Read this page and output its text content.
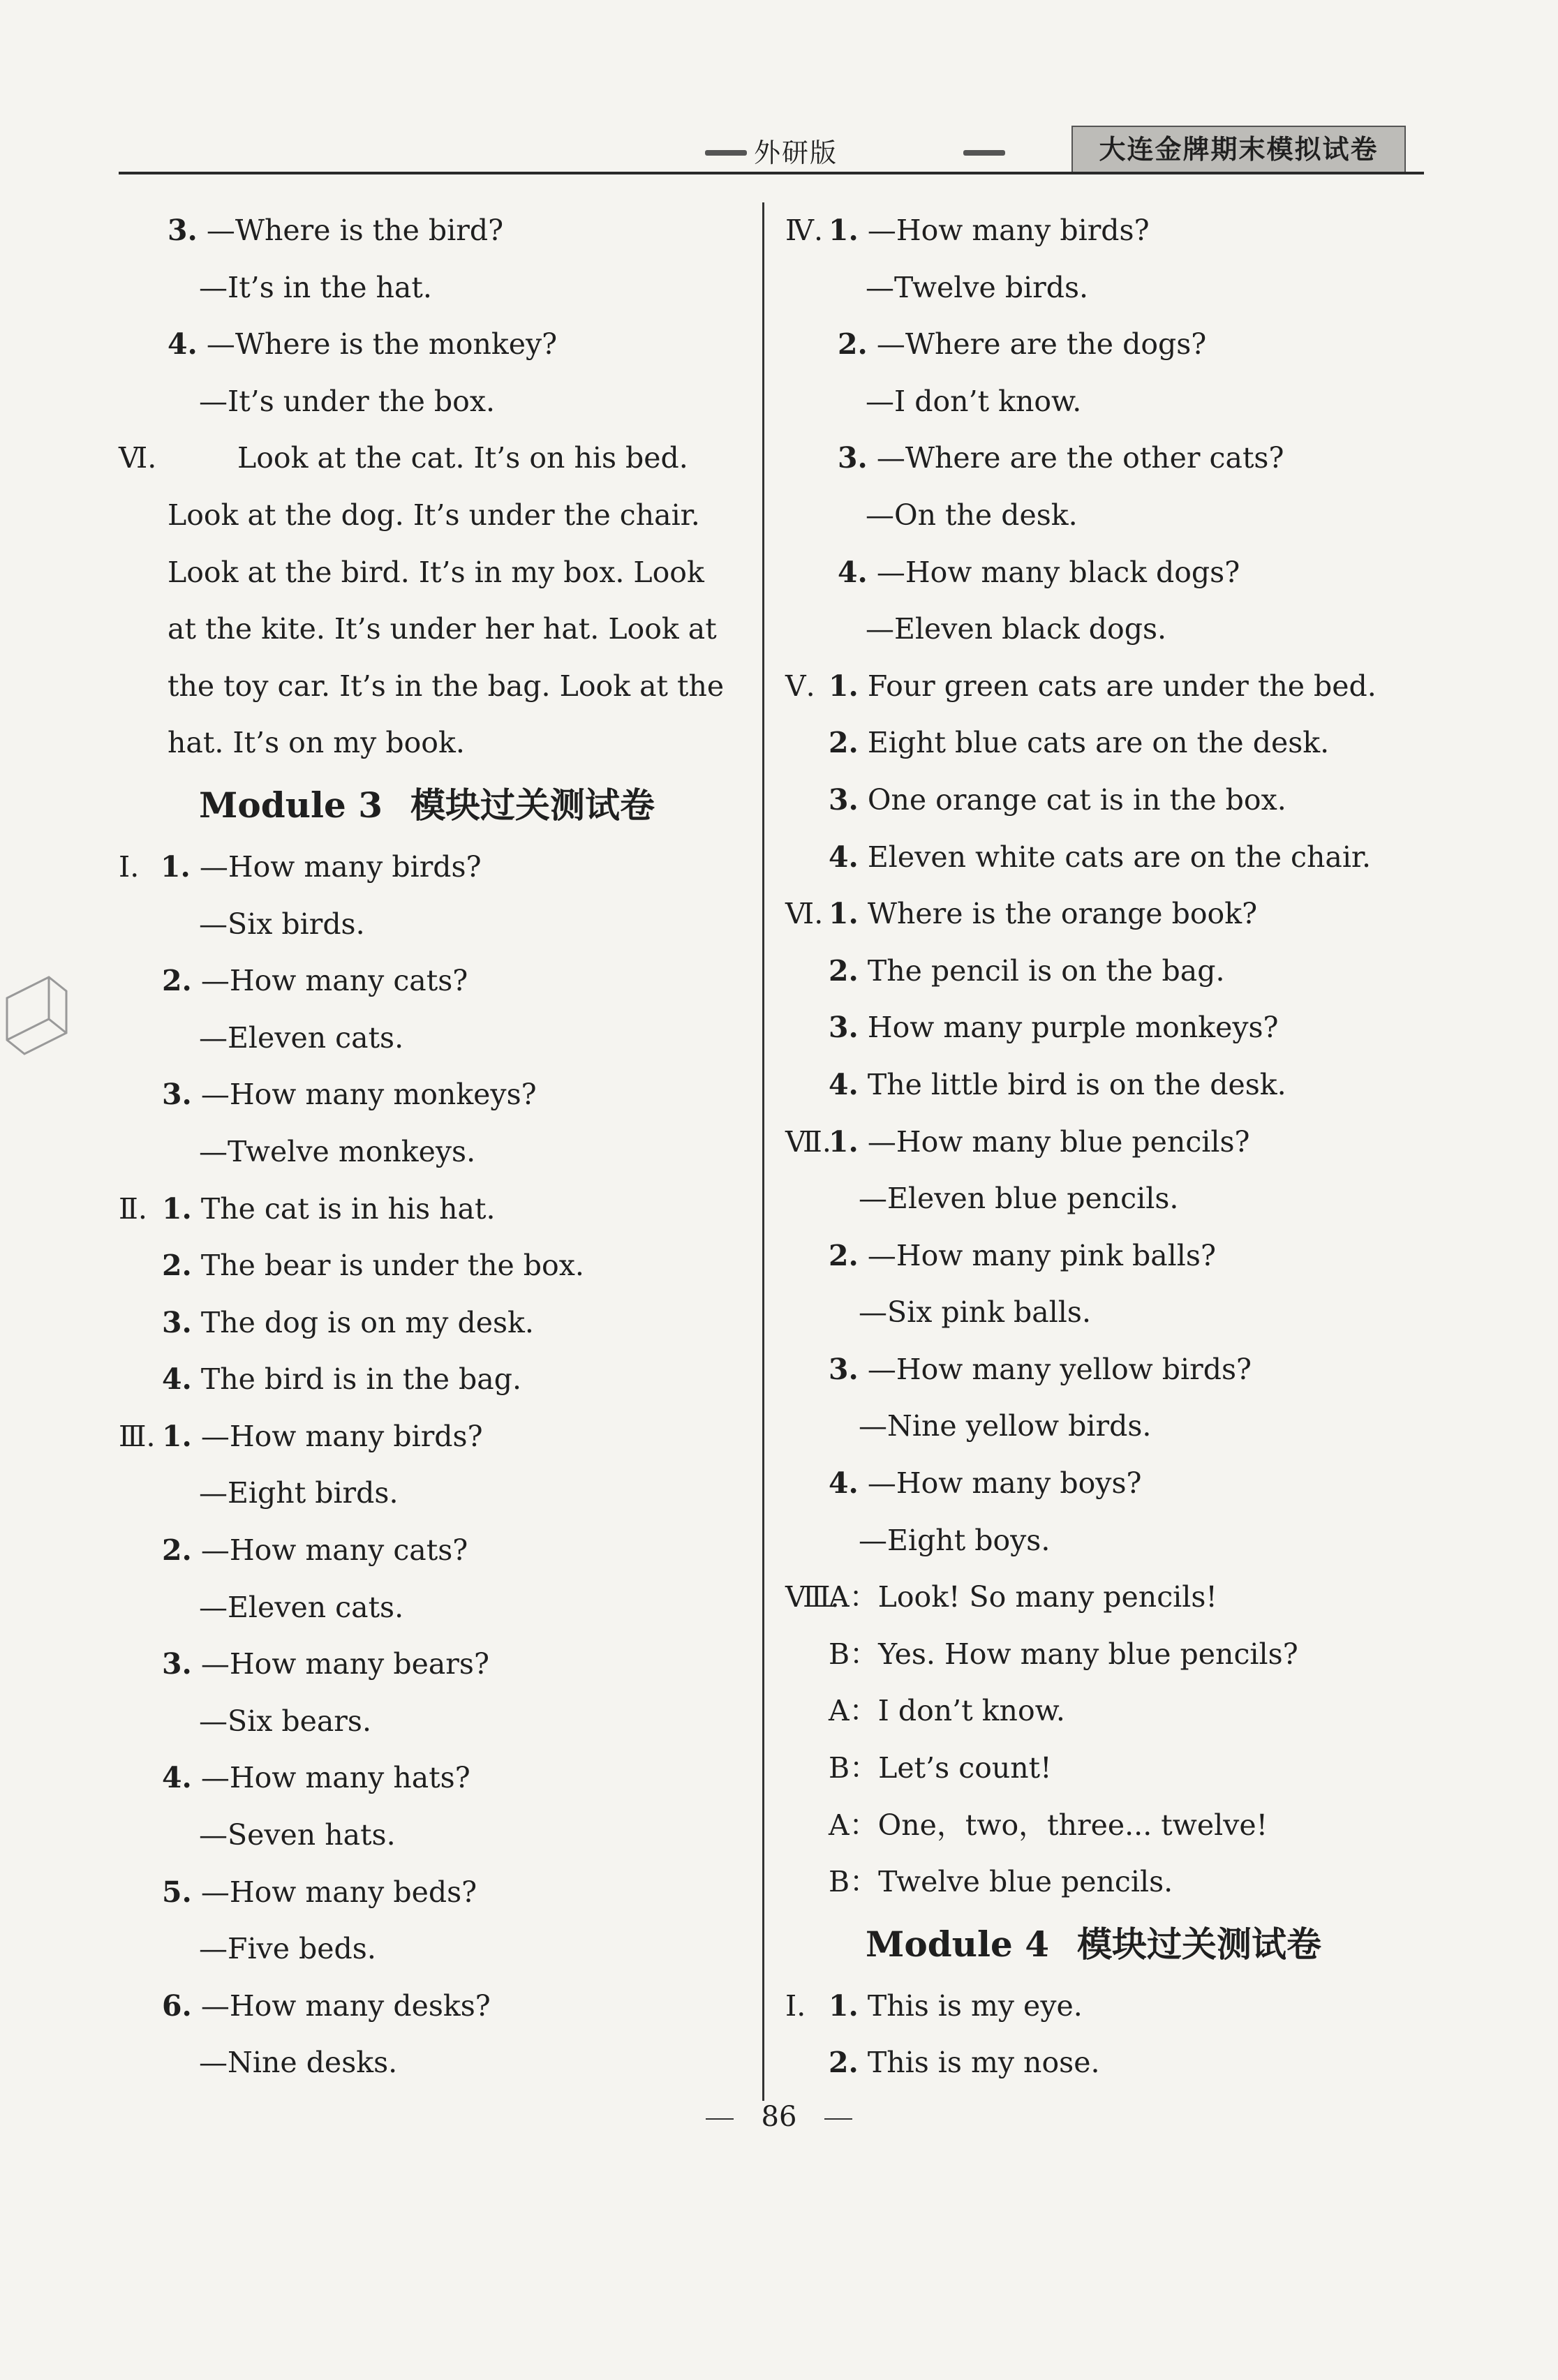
外研版	大连金牌期末模拟试卷
3. —Where is the bird?
—It’s in the hat.
4. —Where is the monkey?
—It’s under the box.
Ⅵ.	Look at the cat. It’s on his bed.
Look at the dog. It’s under the chair.
Look at the bird. It’s in my box. Look
at the kite. It’s under her hat. Look at
the toy car. It’s in the bag. Look at the
hat. It’s on my book.
Module 3 模块过关测试卷
Ⅰ. 1. —How many birds?
—Six birds.
2. —How many cats?
—Eleven cats.
3. —How many monkeys?
—Twelve monkeys.
Ⅱ. 1. The cat is in his hat.
2. The bear is under the box.
3. The dog is on my desk.
4. The bird is in the bag.
Ⅲ. 1. —How many birds?
—Eight birds.
2. —How many cats?
—Eleven cats.
3. —How many bears?
—Six bears.
4. —How many hats?
—Seven hats.
5. —How many beds?
—Five beds.
6. —How many desks?
—Nine desks.
Ⅳ. 1. —How many birds?
—Twelve birds.
2. —Where are the dogs?
—I don’t know.
3. —Where are the other cats?
—On the desk.
4. —How many black dogs?
—Eleven black dogs.
Ⅴ. 1. Four green cats are under the bed.
2. Eight blue cats are on the desk.
3. One orange cat is in the box.
4. Eleven white cats are on the chair.
Ⅵ. 1. Where is the orange book?
2. The pencil is on the bag.
3. How many purple monkeys?
4. The little bird is on the desk.
Ⅶ.1. —How many blue pencils?
—Eleven blue pencils.
2. —How many pink balls?
—Six pink balls.
3. —How many yellow birds?
—Nine yellow birds.
4. —How many boys?
—Eight boys.
Ⅷ.A：Look! So many pencils!
B：Yes. How many blue pencils?
A：I don’t know.
B：Let’s count!
A：One，two，three... twelve!
B：Twelve blue pencils.
Module 4 模块过关测试卷
Ⅰ. 1. This is my eye.
2. This is my nose.
86
